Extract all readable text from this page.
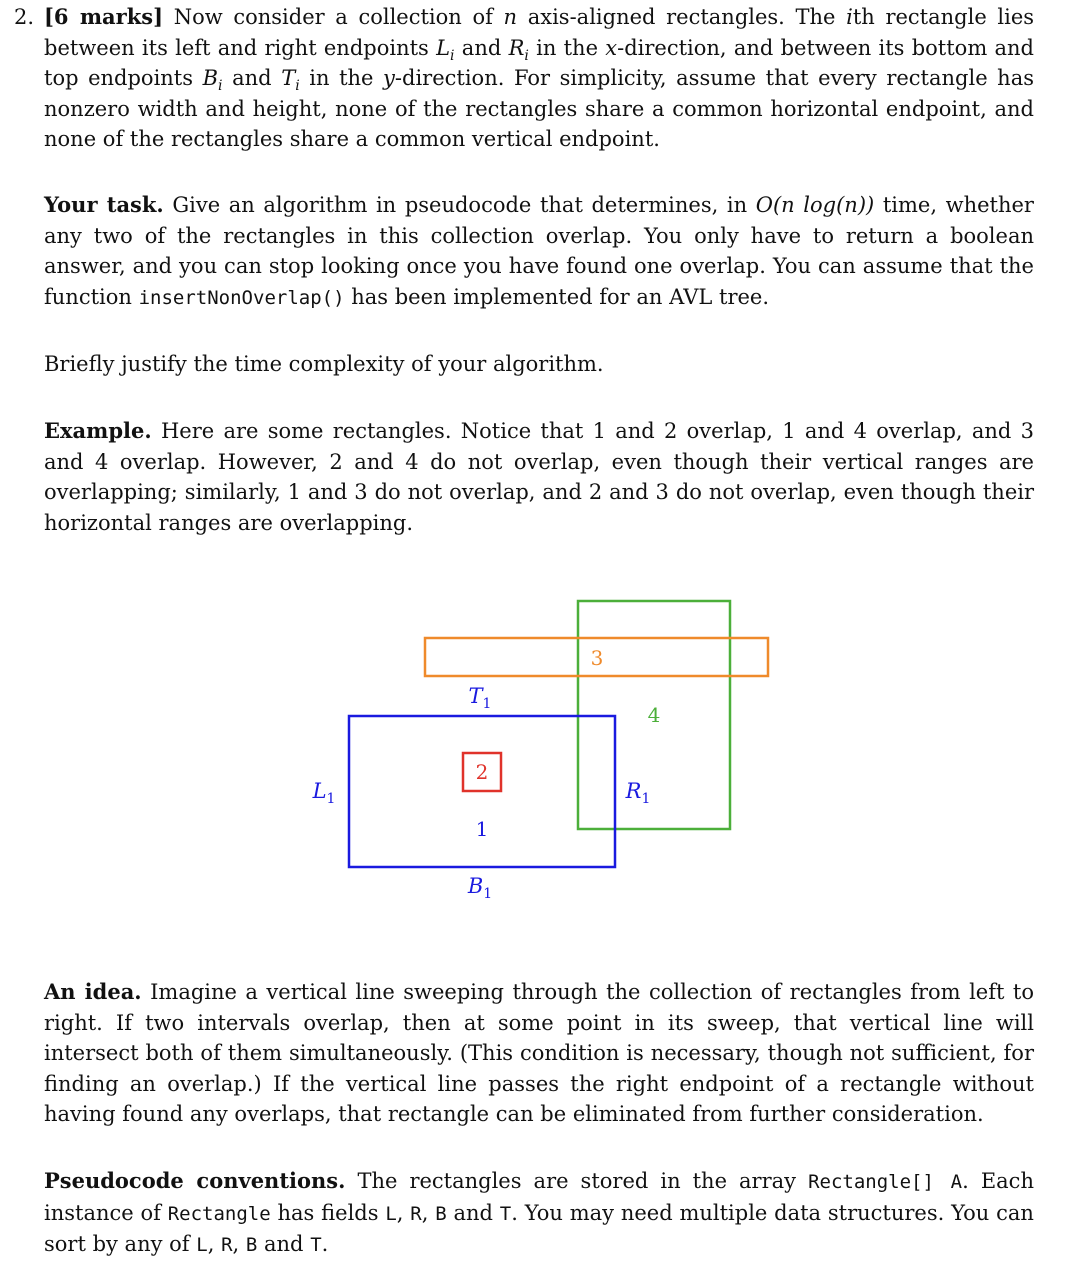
2. [6 marks] Now consider a collection of n axis-aligned rectangles. The ith rectangle lies between its left and right endpoints $L_i$ and $R_i$ in the x-direction, and between its bottom and top endpoints $B_i$ and $T_i$ in the y-direction. For simplicity, assume that every rectangle has nonzero width and height, none of the rectangles share a common horizontal endpoint, and none of the rectangles share a common vertical endpoint.

Your task. Give an algorithm in pseudocode that determines, in O(n log(n)) time, whether any two of the rectangles in this collection overlap. You only have to return a boolean answer, and you can stop looking once you have found one overlap. You can assume that the function insertNonOverlap() has been implemented for an AVL tree.

Briefly justify the time complexity of your algorithm.

Example. Here are some rectangles. Notice that 1 and 2 overlap, 1 and 4 overlap, and 3 and 4 overlap. However, 2 and 4 do not overlap, even though their vertical ranges are overlapping; similarly, 1 and 3 do not overlap, and 2 and 3 do not overlap, even though their horizontal ranges are overlapping.

3
4
2
1
$T_1$
$B_1$
$L_1$	$R_1$

An idea. Imagine a vertical line sweeping through the collection of rectangles from left to right. If two intervals overlap, then at some point in its sweep, that vertical line will intersect both of them simultaneously. (This condition is necessary, though not sufficient, for finding an overlap.) If the vertical line passes the right endpoint of a rectangle without having found any overlaps, that rectangle can be eliminated from further consideration.

Pseudocode conventions. The rectangles are stored in the array Rectangle[] A. Each instance of Rectangle has fields L, R, B and T. You may need multiple data structures. You can sort by any of L, R, B and T.
